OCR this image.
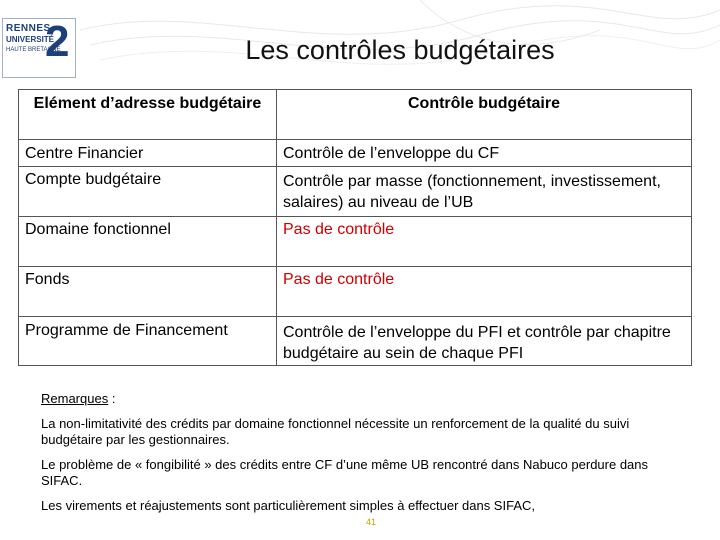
RENNES
UNIVERSITÉ
HAUTE BRETAGNE
2	Les contrôles budgétaires
Elément d’adresse budgétaire	Contrôle budgétaire
Centre Financier	Contrôle de l’enveloppe du CF
Compte budgétaire	Contrôle par masse (fonctionnement, investissement, salaires) au niveau de l’UB
Domaine fonctionnel	Pas de contrôle
Fonds	Pas de contrôle
Programme de Financement	Contrôle de l’enveloppe du PFI et contrôle par chapitre budgétaire au sein de chaque PFI

Remarques :

La non-limitativité des crédits par domaine fonctionnel nécessite un renforcement de la qualité du suivi budgétaire par les gestionnaires.

Le problème de « fongibilité » des crédits entre CF d’une même UB rencontré dans Nabuco perdure dans SIFAC.

Les virements et réajustements sont particulièrement simples à effectuer dans SIFAC,

41
